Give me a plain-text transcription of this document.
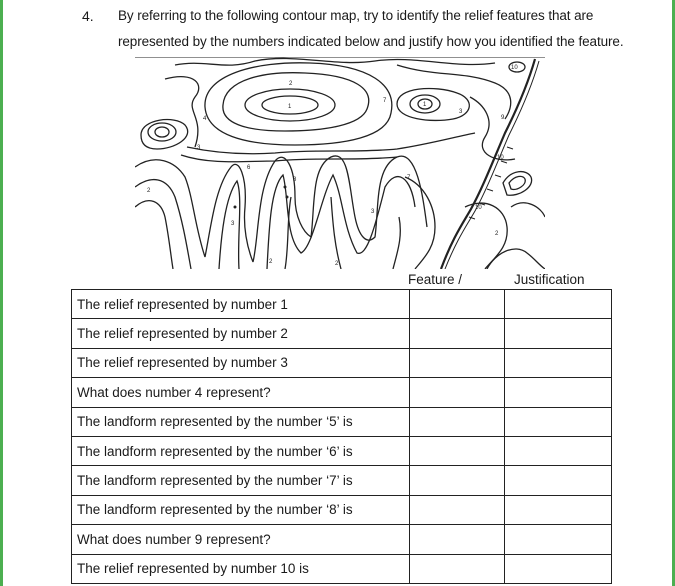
4. By referring to the following contour map, try to identify the relief features that are
represented by the numbers indicated below and justify how you identified the feature.
1	1
2
2	2
2
2
3
3
3
3
4
6
7
7
8
9
10
10
10
Feature /	Justification
The relief represented by number 1		
The relief represented by number 2		
The relief represented by number 3		
What does number 4 represent?		
The landform represented by the number ‘5’ is		
The landform represented by the number ‘6’ is		
The landform represented by the number ‘7’ is		
The landform represented by the number ‘8’ is		
What does number 9 represent?		
The relief represented by number 10 is		
